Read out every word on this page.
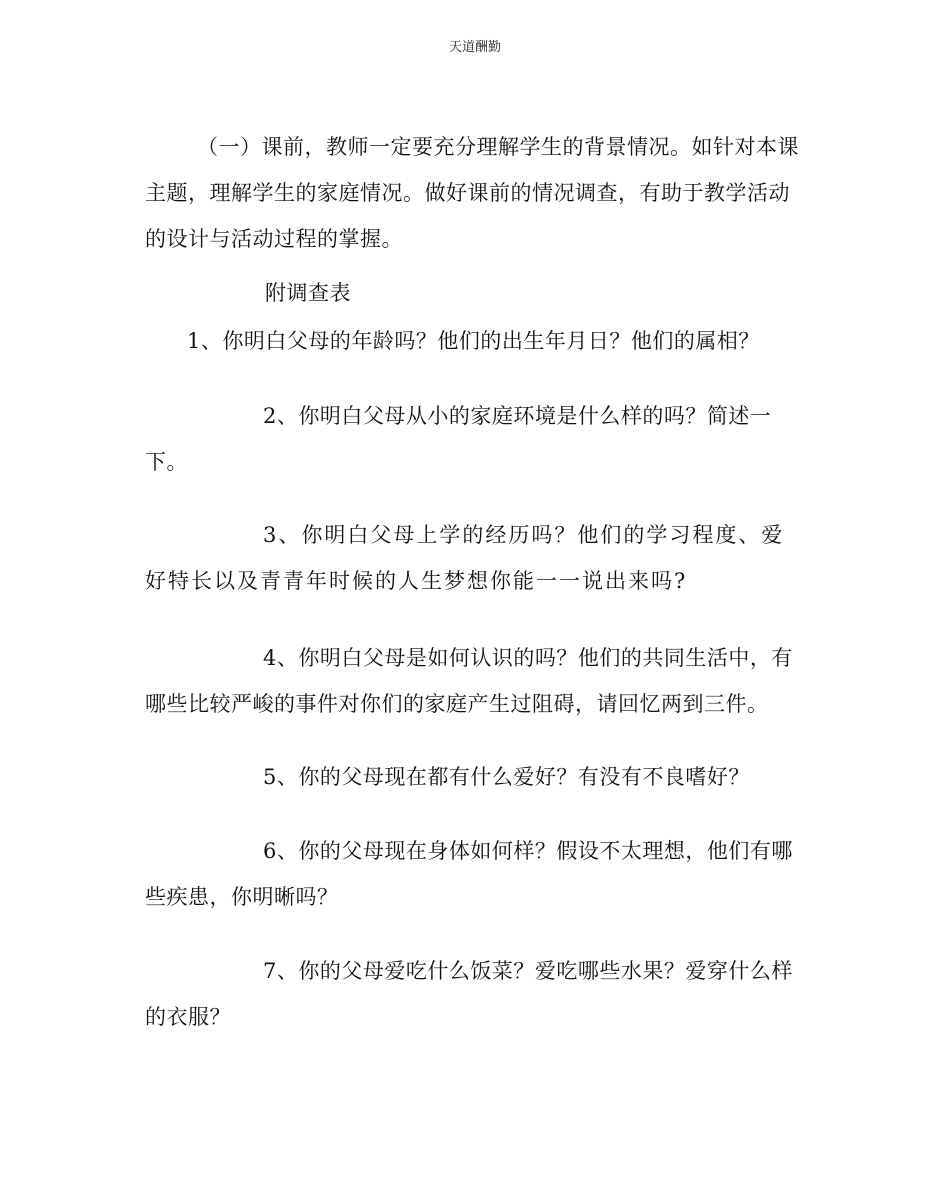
天道酬勤

（一）课前，教师一定要充分理解学生的背景情况。如针对本课主题，理解学生的家庭情况。做好课前的情况调查，有助于教学活动的设计与活动过程的掌握。

附调查表

1、你明白父母的年龄吗？他们的出生年月日？他们的属相？

2、你明白父母从小的家庭环境是什么样的吗？简述一下。

3、你明白父母上学的经历吗？他们的学习程度、爱好特长以及青青年时候的人生梦想你能一一说出来吗?

4、你明白父母是如何认识的吗？他们的共同生活中，有哪些比较严峻的事件对你们的家庭产生过阻碍，请回忆两到三件。

5、你的父母现在都有什么爱好？有没有不良嗜好？

6、你的父母现在身体如何样？假设不太理想，他们有哪些疾患，你明晰吗？

7、你的父母爱吃什么饭菜？爱吃哪些水果？爱穿什么样的衣服？
